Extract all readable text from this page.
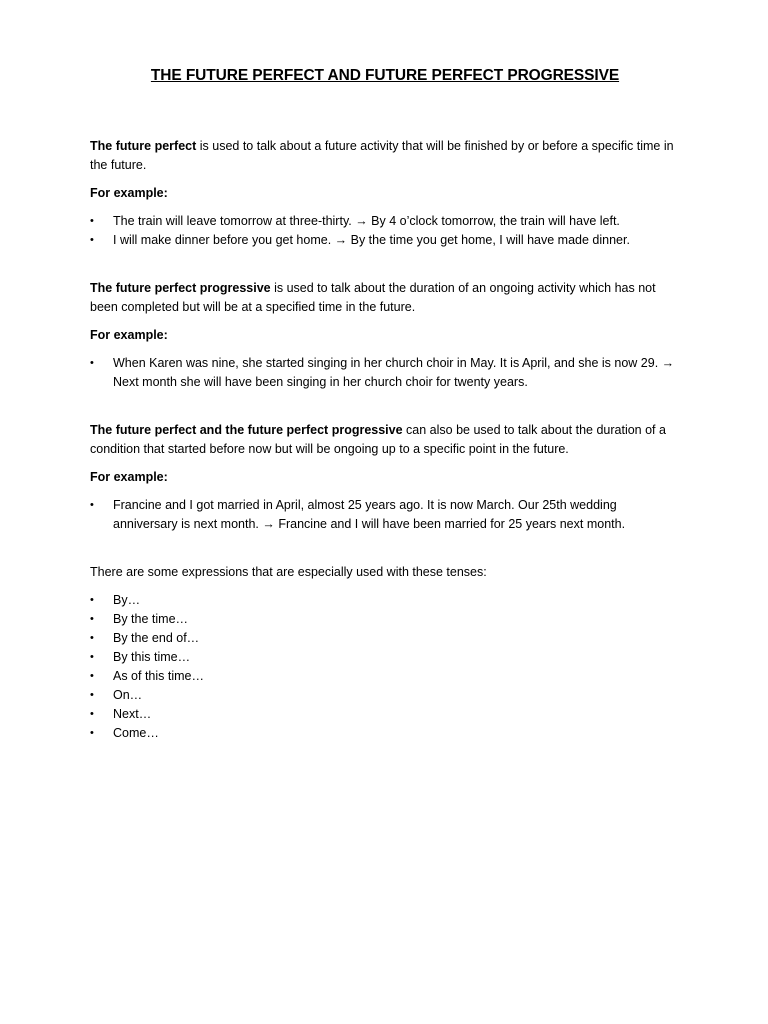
THE FUTURE PERFECT AND FUTURE PERFECT PROGRESSIVE

The future perfect is used to talk about a future activity that will be finished by or before a specific time in the future.

For example:

• The train will leave tomorrow at three-thirty. → By 4 o’clock tomorrow, the train will have left.
• I will make dinner before you get home. → By the time you get home, I will have made dinner.

The future perfect progressive is used to talk about the duration of an ongoing activity which has not been completed but will be at a specified time in the future.

For example:

• When Karen was nine, she started singing in her church choir in May. It is April, and she is now 29. → Next month she will have been singing in her church choir for twenty years.

The future perfect and the future perfect progressive can also be used to talk about the duration of a condition that started before now but will be ongoing up to a specific point in the future.

For example:

• Francine and I got married in April, almost 25 years ago. It is now March. Our 25th wedding anniversary is next month. → Francine and I will have been married for 25 years next month.

There are some expressions that are especially used with these tenses:

• By…
• By the time…
• By the end of…
• By this time…
• As of this time…
• On…
• Next…
• Come…
